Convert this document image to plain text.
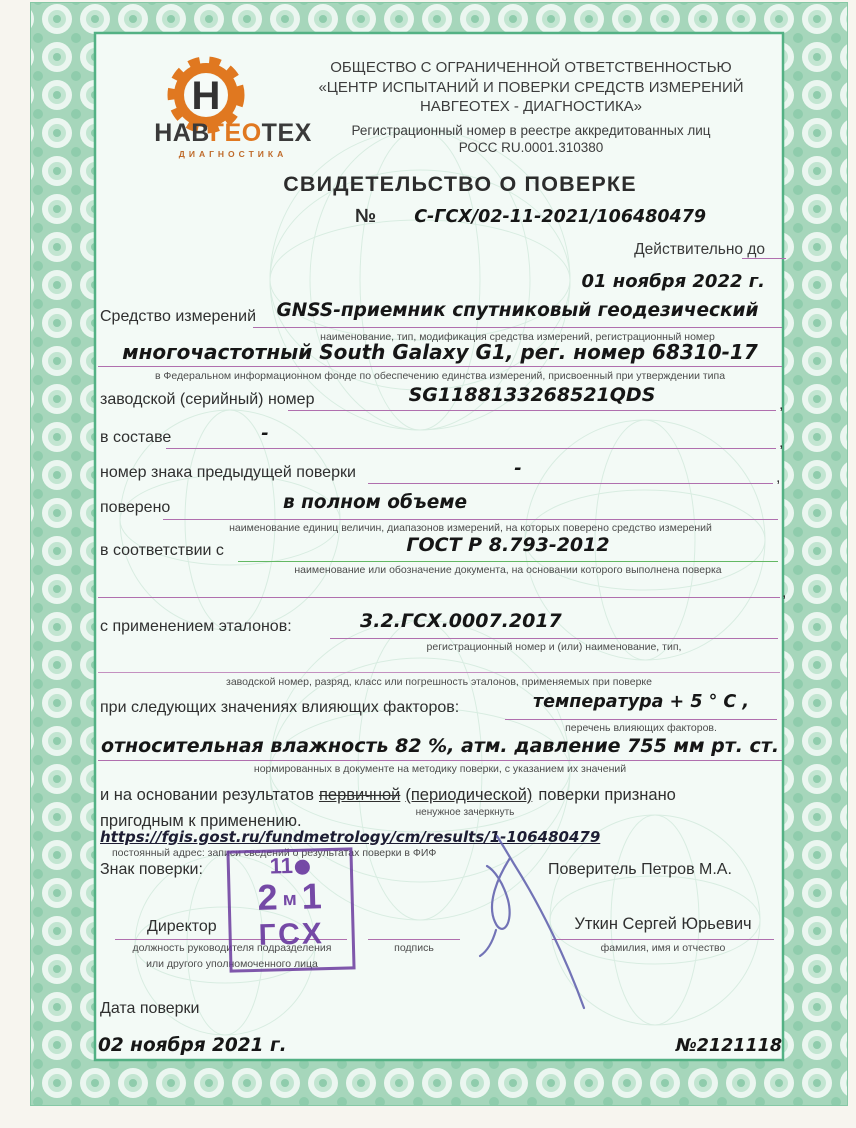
Н
НАВГЕОТЕХ
ДИАГНОСТИКА
ОБЩЕСТВО С ОГРАНИЧЕННОЙ ОТВЕТСТВЕННОСТЬЮ
«ЦЕНТР ИСПЫТАНИЙ И ПОВЕРКИ СРЕДСТВ ИЗМЕРЕНИЙ
НАВГЕОТЕХ - ДИАГНОСТИКА»
Регистрационный номер в реестре аккредитованных лиц
РОСС RU.0001.310380
СВИДЕТЕЛЬСТВО О ПОВЕРКЕ
№ С-ГСХ/02-11-2021/106480479
Действительно до
01 ноября 2022 г.
Средство измерений	GNSS-приемник спутниковый геодезический
наименование, тип, модификация средства измерений, регистрационный номер
многочастотный South Galaxy G1, рег. номер 68310-17
в Федеральном информационном фонде по обеспечению единства измерений, присвоенный при утверждении типа
заводской (серийный) номер	SG1188133268521QDS	,
в составе	-	,
номер знака предыдущей поверки	-	,
поверено	в полном объеме
наименование единиц величин, диапазонов измерений, на которых поверено средство измерений
в соответствии с	ГОСТ Р 8.793-2012
наименование или обозначение документа, на основании которого выполнена поверка
,
с применением эталонов:	3.2.ГСХ.0007.2017
регистрационный номер и (или) наименование, тип,
заводской номер, разряд, класс или погрешность эталонов, применяемых при поверке
при следующих значениях влияющих факторов:	температура + 5 ° С ,
перечень влияющих факторов.
относительная влажность 82 %, атм. давление 755 мм рт. ст.
нормированных в документе на методику поверки, с указанием их значений
и на основании результатов первичной (периодической) поверки признано
ненужное зачеркнуть
пригодным к применению.
https://fgis.gost.ru/fundmetrology/cm/results/1-106480479
постоянный адрес: записи сведений о результатах поверки в ФИФ
Знак поверки:	11
2 м1
ГСХ
Поверитель Петров М.А.
Директор
должность руководителя подразделения
или другого уполномоченного лица
подпись
Уткин Сергей Юрьевич
фамилия, имя и отчество
Дата поверки
02 ноября 2021 г.	№2121118
